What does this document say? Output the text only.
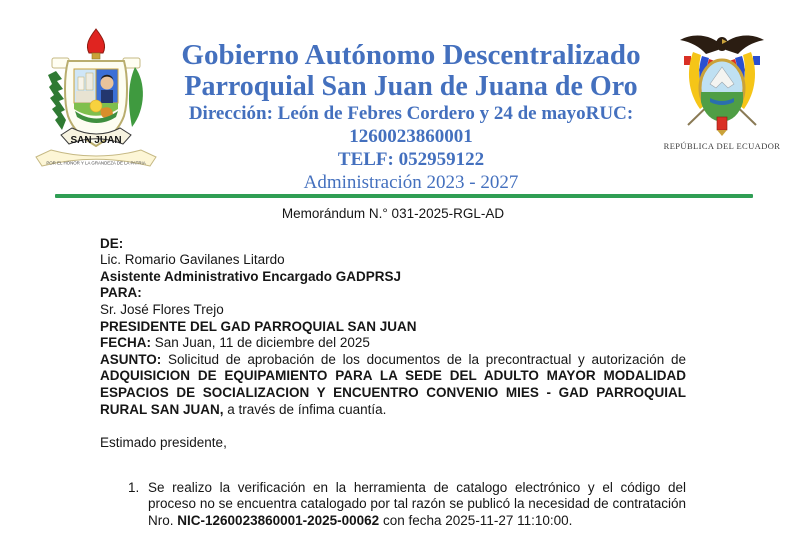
SAN JUAN
POR EL HONOR Y LA GRANDEZA DE LA PATRIA
Gobierno Autónomo Descentralizado
Parroquial San Juan de Juana de Oro
Dirección: León de Febres Cordero y 24 de mayoRUC:
1260023860001
TELF: 052959122
Administración 2023 - 2027
REPÚBLICA DEL ECUADOR

Memorándum N.° 031-2025-RGL-AD

DE:

Lic. Romario Gavilanes Litardo

Asistente Administrativo Encargado GADPRSJ

PARA:

Sr. José Flores Trejo

PRESIDENTE DEL GAD PARROQUIAL SAN JUAN

FECHA: San Juan, 11 de diciembre del 2025

ASUNTO: Solicitud de aprobación de los documentos de la precontractual y autorización de ADQUISICION DE EQUIPAMIENTO PARA LA SEDE DEL ADULTO MAYOR MODALIDAD ESPACIOS DE SOCIALIZACION Y ENCUENTRO CONVENIO MIES - GAD PARROQUIAL RURAL SAN JUAN, a través de ínfima cuantía.

Estimado presidente,

1. Se realizo la verificación en la herramienta de catalogo electrónico y el código del proceso no se encuentra catalogado por tal razón se publicó la necesidad de contratación Nro. NIC-1260023860001-2025-00062 con fecha 2025-11-27 11:10:00.
